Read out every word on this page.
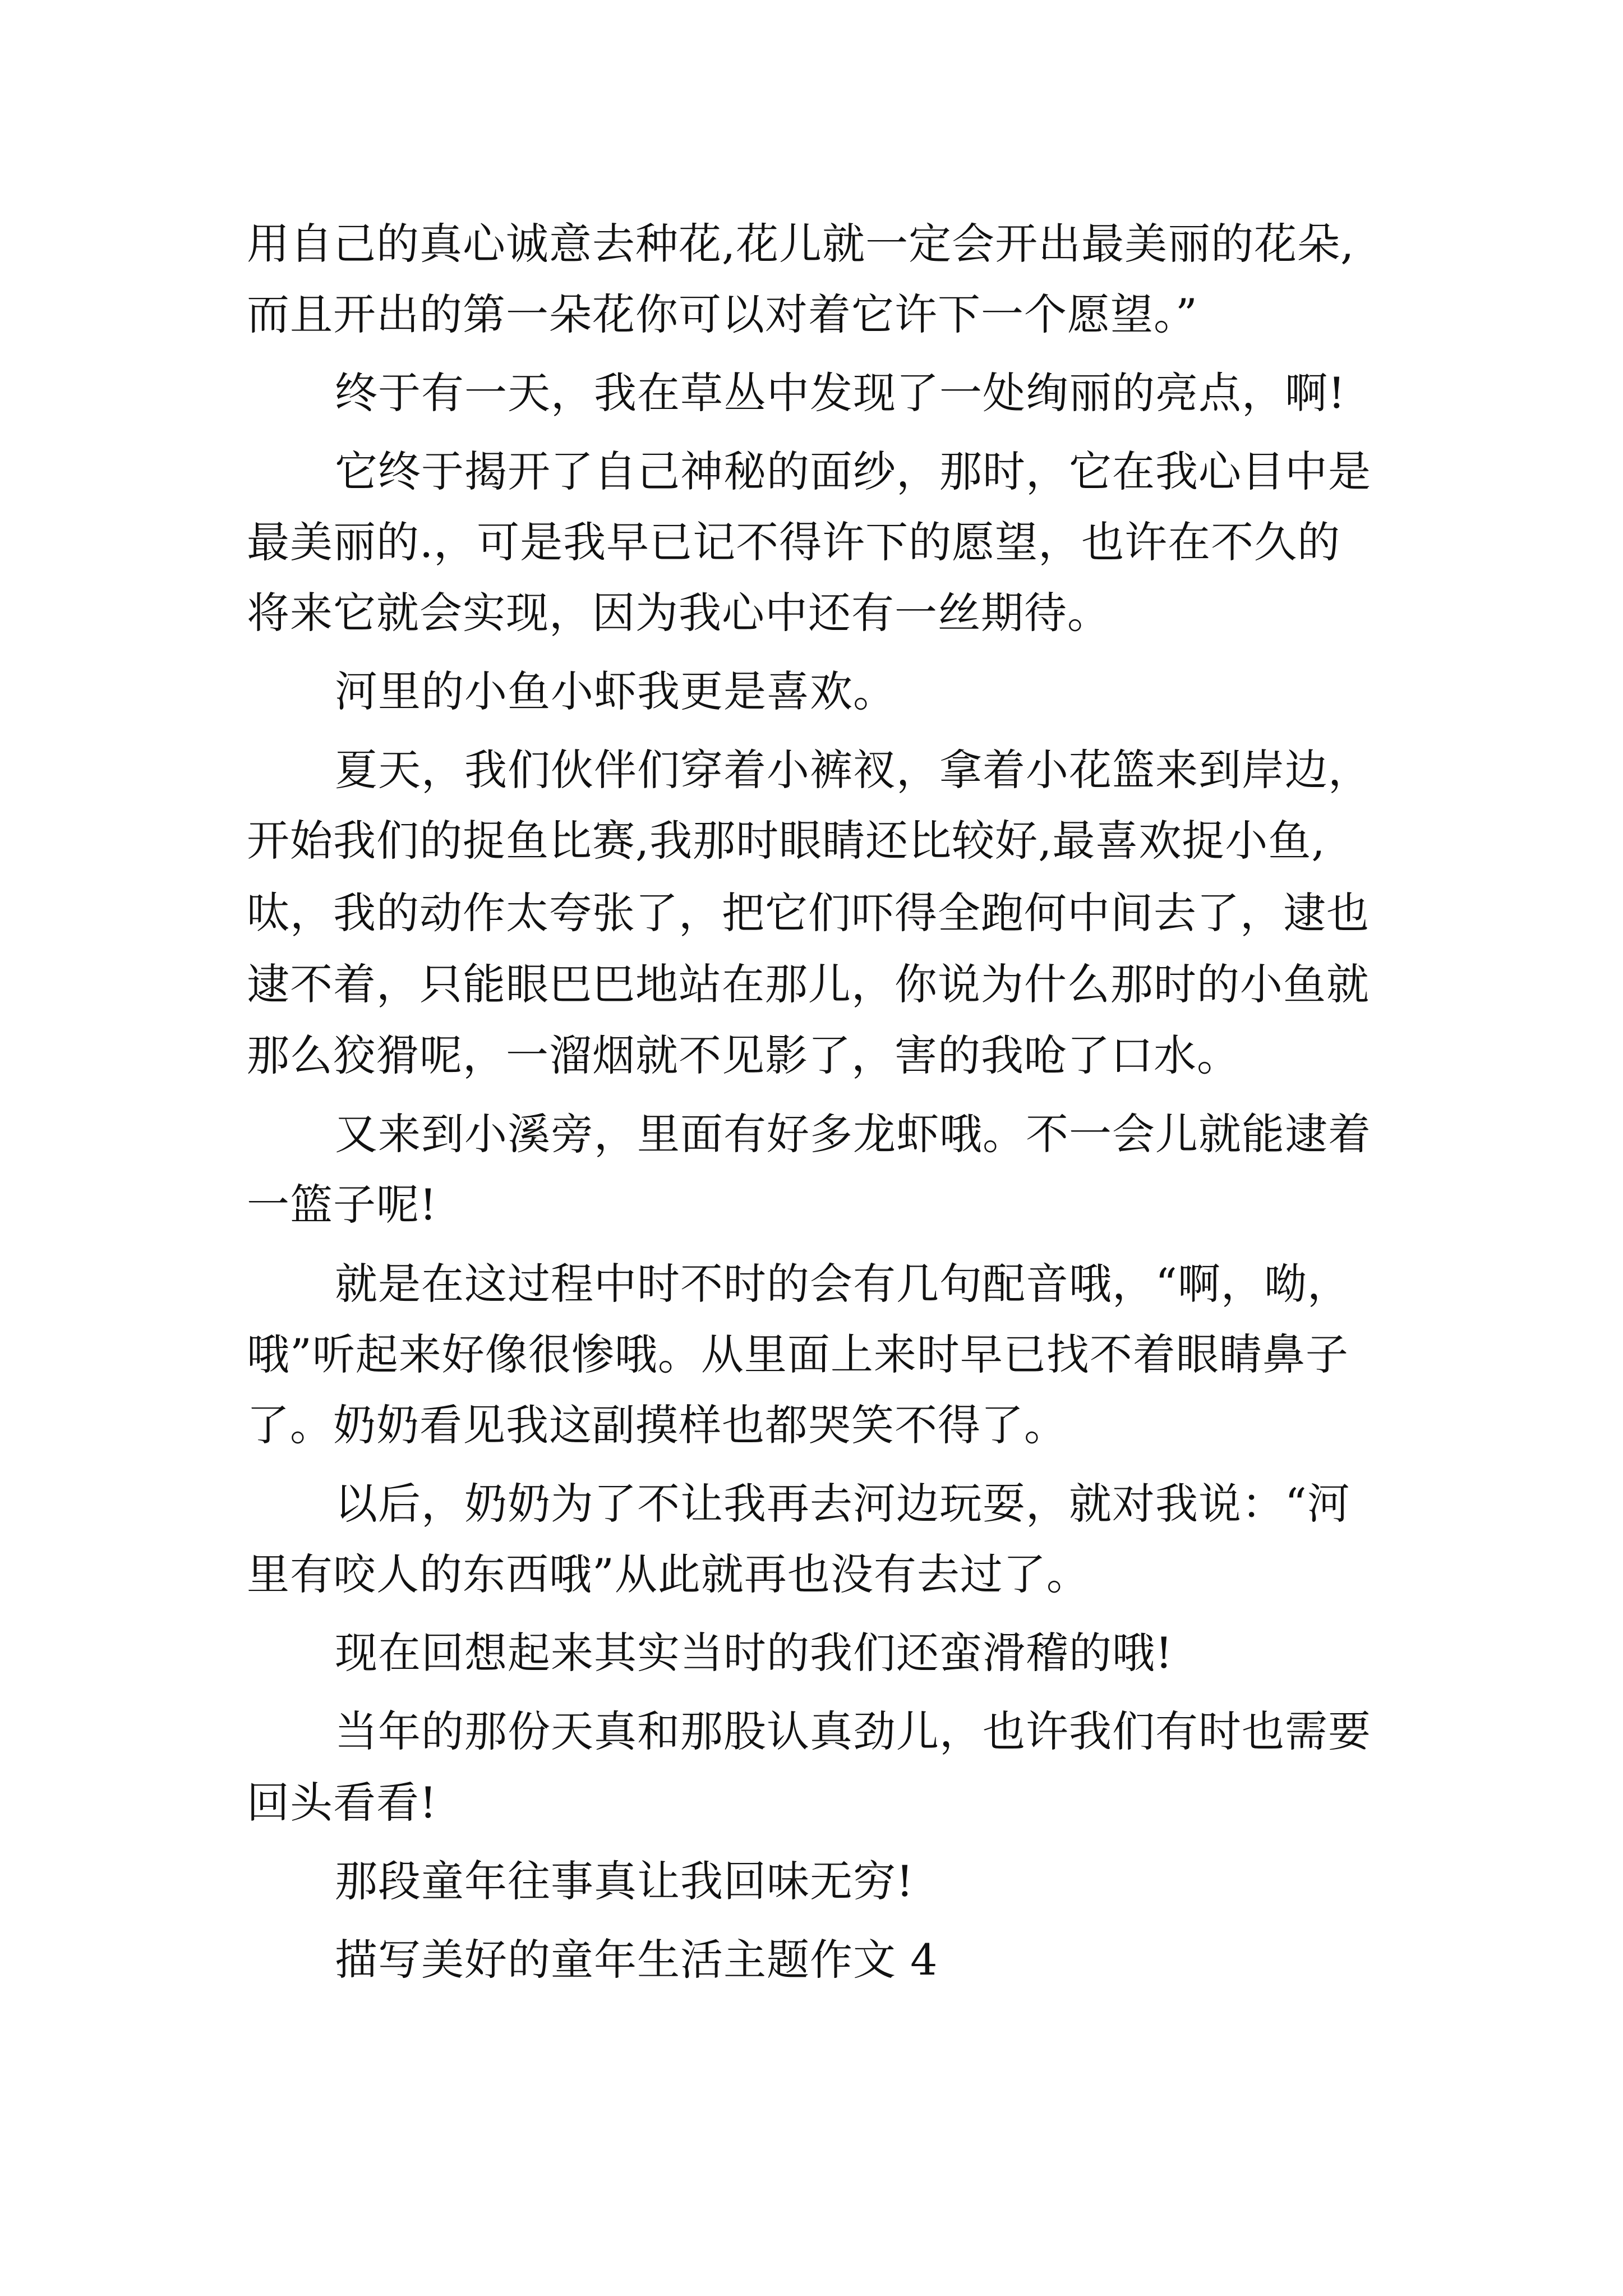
用自己的真心诚意去种花,花儿就一定会开出最美丽的花朵,

而且开出的第一朵花你可以对着它许下一个愿望。”

终于有一天，我在草丛中发现了一处绚丽的亮点，啊!

它终于揭开了自己神秘的面纱，那时，它在我心目中是

最美丽的.，可是我早已记不得许下的愿望，也许在不久的

将来它就会实现，因为我心中还有一丝期待。

河里的小鱼小虾我更是喜欢。

夏天，我们伙伴们穿着小裤衩，拿着小花篮来到岸边，

开始我们的捉鱼比赛,我那时眼睛还比较好,最喜欢捉小鱼,

呔，我的动作太夸张了，把它们吓得全跑何中间去了，逮也

逮不着，只能眼巴巴地站在那儿，你说为什么那时的小鱼就

那么狡猾呢，一溜烟就不见影了，害的我呛了口水。

又来到小溪旁，里面有好多龙虾哦。不一会儿就能逮着

一篮子呢!

就是在这过程中时不时的会有几句配音哦，“啊，呦，

哦”听起来好像很惨哦。从里面上来时早已找不着眼睛鼻子

了。奶奶看见我这副摸样也都哭笑不得了。

以后，奶奶为了不让我再去河边玩耍，就对我说：“河

里有咬人的东西哦”从此就再也没有去过了。

现在回想起来其实当时的我们还蛮滑稽的哦!

当年的那份天真和那股认真劲儿，也许我们有时也需要

回头看看!

那段童年往事真让我回味无穷!

描写美好的童年生活主题作文 4
